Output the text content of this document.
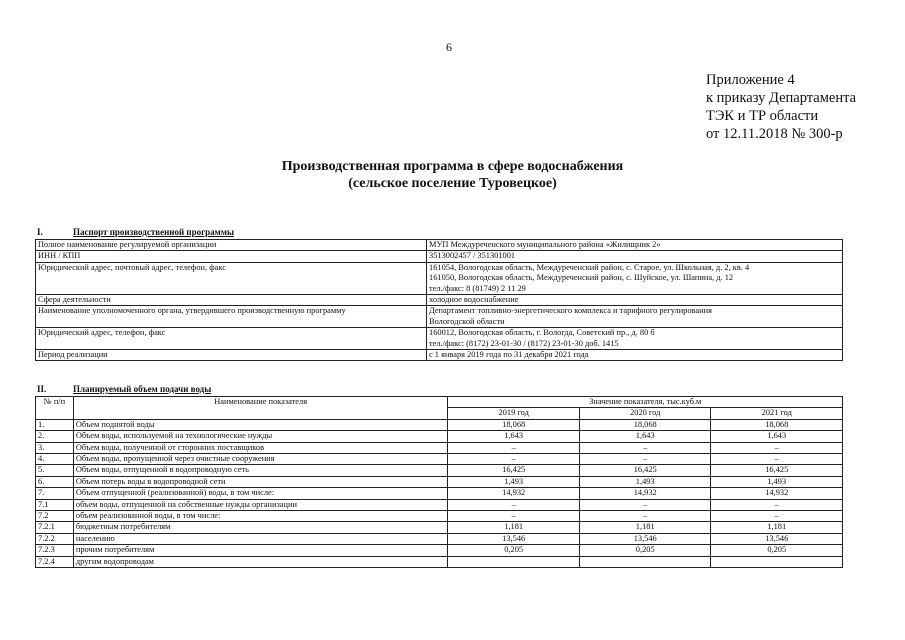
6
Приложение 4
к приказу Департамента
ТЭК и ТР области
от 12.11.2018 № 300-р
Производственная программа в сфере водоснабжения
(сельское поселение Туровецкое)
I.	Паспорт производственной программы
Полное наименование регулируемой организации	МУП Междуреченского муниципального района «Жилищник 2»

ИНН / КПП	3513002457 / 351301001

Юридический адрес, почтовый адрес, телефон, факс	161054, Вологодская область, Междуреченский район, с. Старое, ул. Школьная, д. 2, кв. 4
161050, Вологодская область, Междуреченский район, с. Шуйское, ул. Шапина, д. 12
тел./факс: 8 (81749) 2 11 29

Сфера деятельности	холодное водоснабжение

Наименование уполномоченного органа, утвердившего производственную программу	Департамент топливно-энергетического комплекса и тарифного регулирования
Вологодской области

Юридический адрес, телефон, факс	160012, Вологодская область, г. Вологда, Советский пр., д. 80 б
тел./факс: (8172) 23-01-30 / (8172) 23-01-30 доб. 1415

Период реализации	с 1 января 2019 года по 31 декабря 2021 года
II.	Планируемый объем подачи воды
№ п/п	Наименование показателя	Значение показателя, тыс.куб.м		
		2019 год	2020 год	2021 год
1.	Объем поднятой воды	18,068	18,068	18,068
2.	Объем воды, используемой на технологические нужды	1,643	1,643	1,643
3.	Объем воды, полученной от сторонних поставщиков	–	–	–
4.	Объем воды, пропущенной через очистные сооружения	–	–	–
5.	Объем воды, отпущенной в водопроводную сеть	16,425	16,425	16,425
6.	Объем потерь воды в водопроводной сети	1,493	1,493	1,493
7.	Объем отпущенной (реализованной) воды, в том числе:	14,932	14,932	14,932
7.1	объем воды, отпущенной на собственные нужды организации	–	–	–
7.2	объем реализованной воды, в том числе:	–	–	–
7.2.1	бюджетным потребителям	1,181	1,181	1,181
7.2.2	населению	13,546	13,546	13,546
7.2.3	прочим потребителям	0,205	0,205	0,205
7.2.4	другим водопроводам			
